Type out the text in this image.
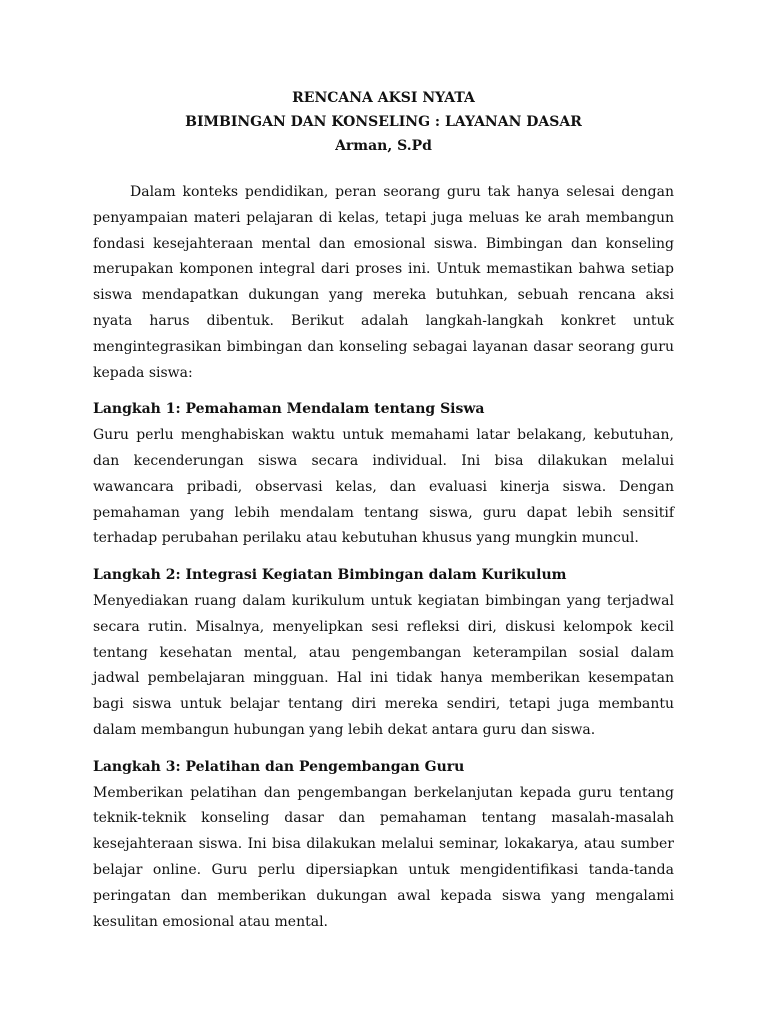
RENCANA AKSI NYATA

BIMBINGAN DAN KONSELING : LAYANAN DASAR

Arman, S.Pd

Dalam konteks pendidikan, peran seorang guru tak hanya selesai dengan penyampaian materi pelajaran di kelas, tetapi juga meluas ke arah membangun fondasi kesejahteraan mental dan emosional siswa. Bimbingan dan konseling merupakan komponen integral dari proses ini. Untuk memastikan bahwa setiap siswa mendapatkan dukungan yang mereka butuhkan, sebuah rencana aksi nyata harus dibentuk. Berikut adalah langkah-langkah konkret untuk mengintegrasikan bimbingan dan konseling sebagai layanan dasar seorang guru kepada siswa:

Langkah 1: Pemahaman Mendalam tentang Siswa

Guru perlu menghabiskan waktu untuk memahami latar belakang, kebutuhan, dan kecenderungan siswa secara individual. Ini bisa dilakukan melalui wawancara pribadi, observasi kelas, dan evaluasi kinerja siswa. Dengan pemahaman yang lebih mendalam tentang siswa, guru dapat lebih sensitif terhadap perubahan perilaku atau kebutuhan khusus yang mungkin muncul.

Langkah 2: Integrasi Kegiatan Bimbingan dalam Kurikulum

Menyediakan ruang dalam kurikulum untuk kegiatan bimbingan yang terjadwal secara rutin. Misalnya, menyelipkan sesi refleksi diri, diskusi kelompok kecil tentang kesehatan mental, atau pengembangan keterampilan sosial dalam jadwal pembelajaran mingguan. Hal ini tidak hanya memberikan kesempatan bagi siswa untuk belajar tentang diri mereka sendiri, tetapi juga membantu dalam membangun hubungan yang lebih dekat antara guru dan siswa.

Langkah 3: Pelatihan dan Pengembangan Guru

Memberikan pelatihan dan pengembangan berkelanjutan kepada guru tentang teknik-teknik konseling dasar dan pemahaman tentang masalah-masalah kesejahteraan siswa. Ini bisa dilakukan melalui seminar, lokakarya, atau sumber belajar online. Guru perlu dipersiapkan untuk mengidentifikasi tanda-tanda peringatan dan memberikan dukungan awal kepada siswa yang mengalami kesulitan emosional atau mental.
